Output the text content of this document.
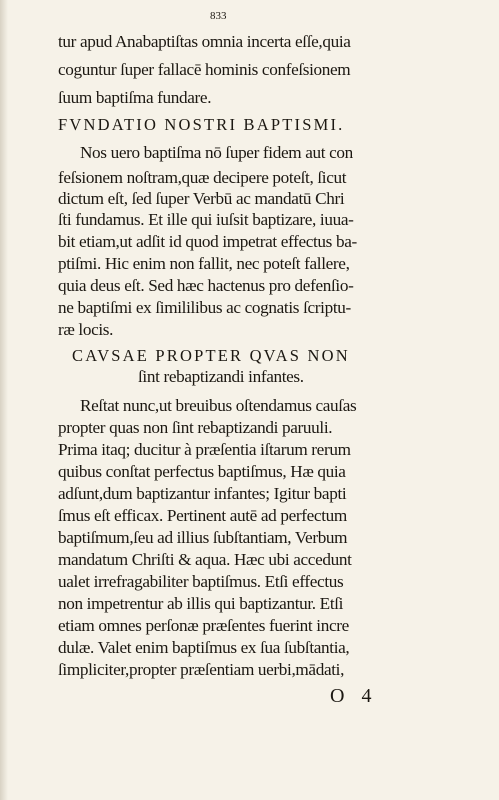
833
tur apud Anabaptiſtas omnia incerta eſſe,quia
coguntur ſuper fallacē hominis confeſsionem
ſuum baptiſma fundare.
FVNDATIO NOSTRI BAPTISMI.
Nos uero baptiſma nō ſuper fidem aut con
feſsionem noſtram,quæ decipere poteſt, ſicut
dictum eſt, ſed ſuper Verbū ac mandatū Chri
ſti fundamus. Et ille qui iuſsit baptizare, iuua-
bit etiam,ut adſit id quod impetrat effectus ba-
ptiſmi. Hic enim non fallit, nec poteſt fallere,
quia deus eſt. Sed hæc hactenus pro defenſio-
ne baptiſmi ex ſimililibus ac cognatis ſcriptu-
ræ locis.
CAVSAE PROPTER QVAS NON
ſint rebaptizandi infantes.
Reſtat nunc,ut breuibus oſtendamus cauſas
propter quas non ſint rebaptizandi paruuli.
Prima itaq; ducitur à præſentia iſtarum rerum
quibus conſtat perfectus baptiſmus, Hæ quia
adſunt,dum baptizantur infantes; Igitur bapti
ſmus eſt efficax. Pertinent autē ad perfectum
baptiſmum,ſeu ad illius ſubſtantiam, Verbum
mandatum Chriſti & aqua. Hæc ubi accedunt
ualet irrefragabiliter baptiſmus. Etſi effectus
non impetrentur ab illis qui baptizantur. Etſi
etiam omnes perſonæ præſentes fuerint incre
dulæ. Valet enim baptiſmus ex ſua ſubſtantia,
ſimpliciter,propter præſentiam uerbi,mādati,
O 4
